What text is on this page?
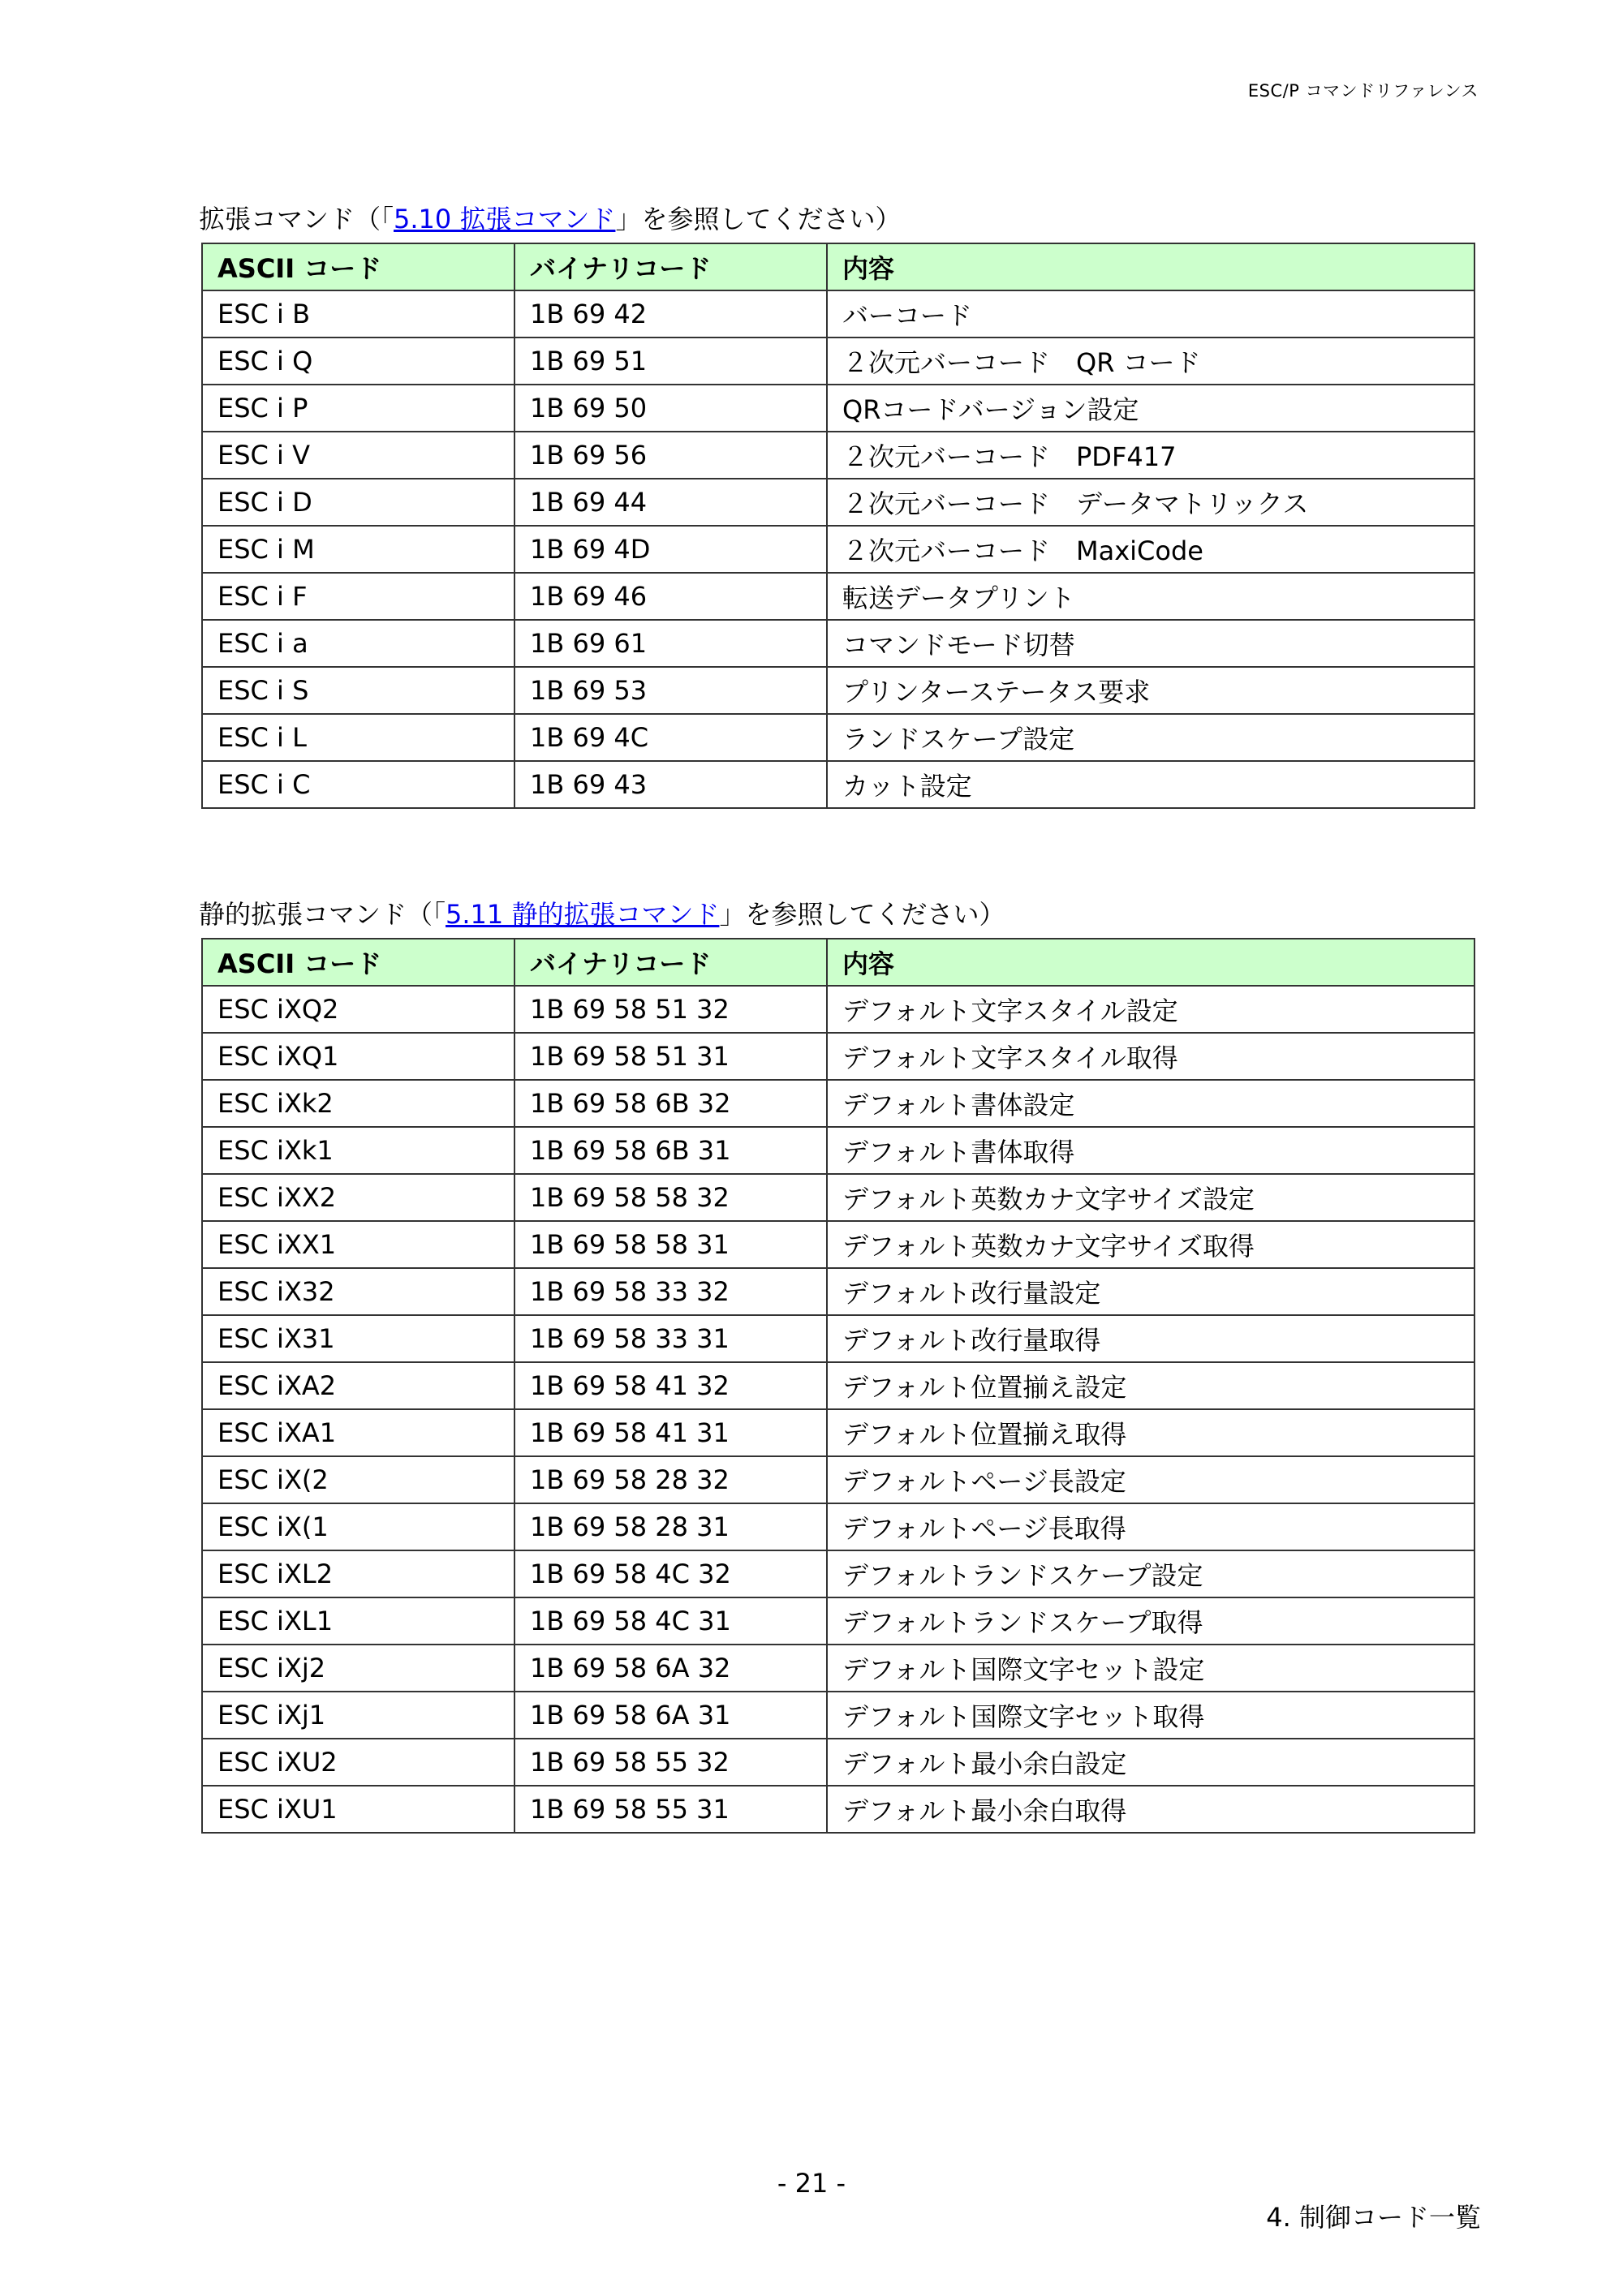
ESC/P コマンドリファレンス
拡張コマンド（「5.10 拡張コマンド」を参照してください）
ASCII コード	バイナリコード	内容
ESC i B	1B 69 42	バーコード
ESC i Q	1B 69 51	２次元バーコード　QR コード
ESC i P	1B 69 50	QRコードバージョン設定
ESC i V	1B 69 56	２次元バーコード　PDF417
ESC i D	1B 69 44	２次元バーコード　データマトリックス
ESC i M	1B 69 4D	２次元バーコード　MaxiCode
ESC i F	1B 69 46	転送データプリント
ESC i a	1B 69 61	コマンドモード切替
ESC i S	1B 69 53	プリンターステータス要求
ESC i L	1B 69 4C	ランドスケープ設定
ESC i C	1B 69 43	カット設定
静的拡張コマンド（「5.11 静的拡張コマンド」を参照してください）
ASCII コード	バイナリコード	内容
ESC iXQ2	1B 69 58 51 32	デフォルト文字スタイル設定
ESC iXQ1	1B 69 58 51 31	デフォルト文字スタイル取得
ESC iXk2	1B 69 58 6B 32	デフォルト書体設定
ESC iXk1	1B 69 58 6B 31	デフォルト書体取得
ESC iXX2	1B 69 58 58 32	デフォルト英数カナ文字サイズ設定
ESC iXX1	1B 69 58 58 31	デフォルト英数カナ文字サイズ取得
ESC iX32	1B 69 58 33 32	デフォルト改行量設定
ESC iX31	1B 69 58 33 31	デフォルト改行量取得
ESC iXA2	1B 69 58 41 32	デフォルト位置揃え設定
ESC iXA1	1B 69 58 41 31	デフォルト位置揃え取得
ESC iX(2	1B 69 58 28 32	デフォルトページ長設定
ESC iX(1	1B 69 58 28 31	デフォルトページ長取得
ESC iXL2	1B 69 58 4C 32	デフォルトランドスケープ設定
ESC iXL1	1B 69 58 4C 31	デフォルトランドスケープ取得
ESC iXj2	1B 69 58 6A 32	デフォルト国際文字セット設定
ESC iXj1	1B 69 58 6A 31	デフォルト国際文字セット取得
ESC iXU2	1B 69 58 55 32	デフォルト最小余白設定
ESC iXU1	1B 69 58 55 31	デフォルト最小余白取得
- 21 -
4. 制御コード一覧
